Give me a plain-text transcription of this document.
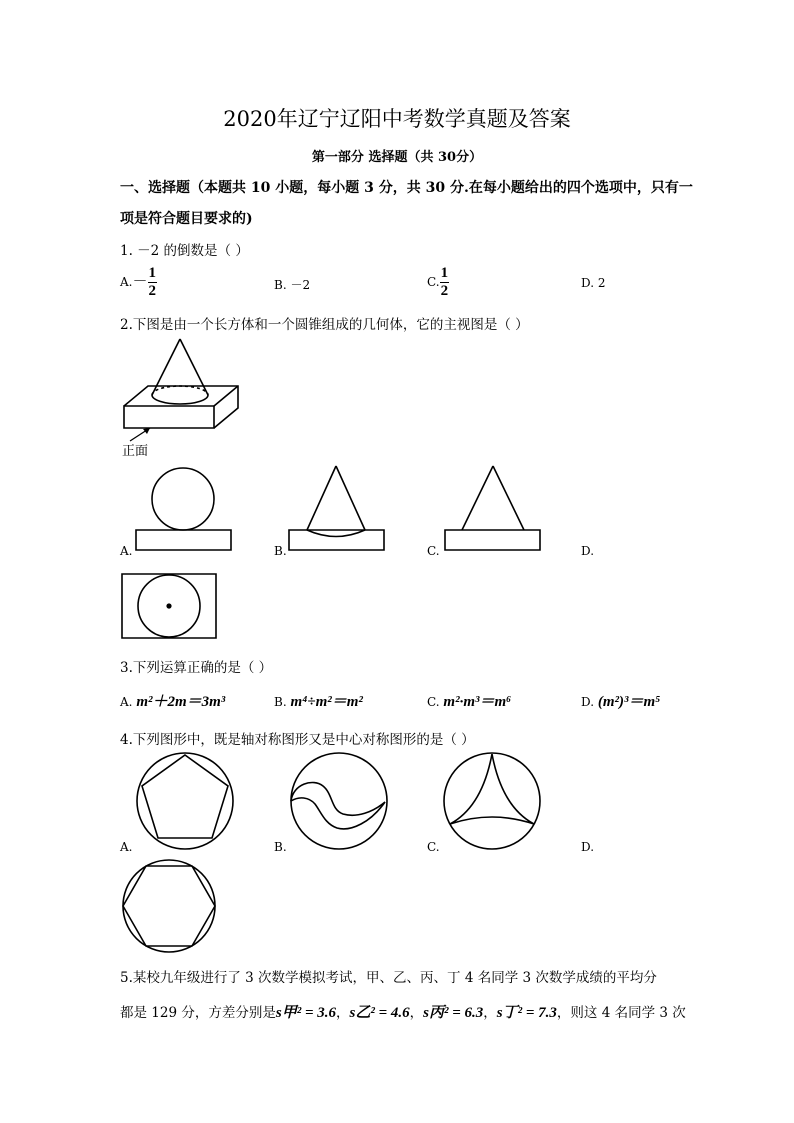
2020年辽宁辽阳中考数学真题及答案
第一部分 选择题（共 30分）
一、选择题（本题共 10 小题，每小题 3 分，共 30 分.在每小题给出的四个选项中，只有一
项是符合题目要求的)
1. －2 的倒数是（ ）
$A.- \frac{1}{2}$	B. －2	C. $\frac{1}{2}$	D. 2
2.下图是由一个长方体和一个圆锥组成的几何体，它的主视图是（ ）
正面
A.	B.	C.	D.
3.下列运算正确的是（ ）
A. m²＋2m＝3m³	B. m⁴÷m²＝m²	C. m²·m³＝m⁶	D. (m²)³＝m⁵
4.下列图形中，既是轴对称图形又是中心对称图形的是（ ）
A.	B.	C.	D.
5.某校九年级进行了 3 次数学模拟考试，甲、乙、丙、丁 4 名同学 3 次数学成绩的平均分
都是 129 分，方差分别是s甲² = 3.6，s乙² = 4.6，s丙² = 6.3，s丁² = 7.3，则这 4 名同学 3 次
